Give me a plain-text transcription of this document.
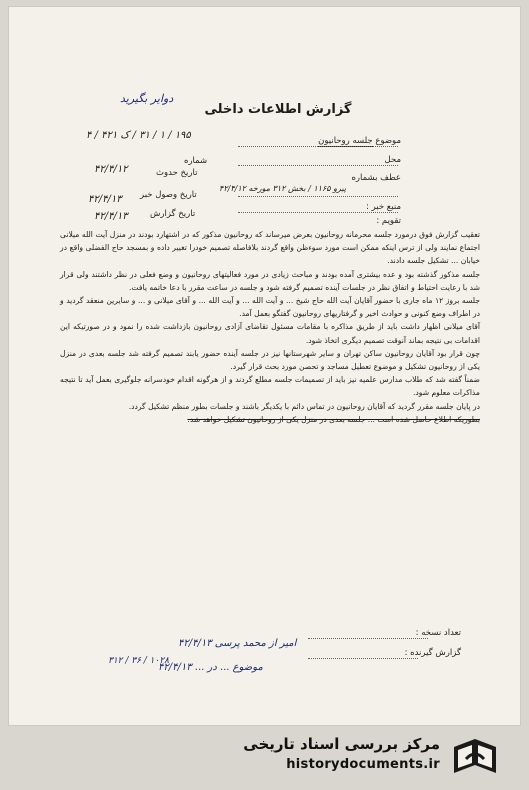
دوایر بگیرید
گزارش اطلاعات داخلی
موضوع جلسه روحانیون
محل
عطف بشماره
پیرو ۱۱۶۵ / بخش ۳۱۲ مورخه ۴۲/۴/۱۲
منبع خبر :
تقویم :
شماره
۱۹۵ / ۱ / ۳۱ / ک ۴۲۱ / ۴
تاریخ حدوث
۴۲/۴/۱۲
تاریخ وصول خبر
۴۲/۴/۱۳
تاریخ گزارش
۴۲/۴/۱۳

تعقیب گزارش فوق درمورد جلسه محرمانه روحانیون بعرض میرساند که روحانیون مذکور که در اشتهارد بودند در منزل آیت الله میلانی اجتماع نمایند ولی از ترس اینکه ممکن است مورد سوءظن واقع گردند بلافاصله تصمیم خودرا تغییر داده و بمسجد حاج الفضلی واقع در خیابان ... تشکیل جلسه دادند.

جلسه مذکور گذشته بود و عده بیشتری آمده بودند و مباحث زیادی در مورد فعالیتهای روحانیون و وضع فعلی در نظر داشتند ولی قرار شد با رعایت احتیاط و اتفاق نظر در جلسات آینده تصمیم گرفته شود و جلسه در ساعت مقرر با دعا خاتمه یافت.

جلسه بروز ۱۲ ماه جاری با حضور آقایان آیت الله حاج شیخ ... و آیت الله ... و آیت الله ... و آقای میلانی و ... و سایرین منعقد گردید و در اطراف وضع کنونی و حوادث اخیر و گرفتاریهای روحانیون گفتگو بعمل آمد.

آقای میلانی اظهار داشت باید از طریق مذاکره با مقامات مسئول تقاضای آزادی روحانیون بازداشت شده را نمود و در صورتیکه این اقدامات بی نتیجه بماند آنوقت تصمیم دیگری اتخاذ شود.

چون قرار بود آقایان روحانیون ساکن تهران و سایر شهرستانها نیز در جلسه آینده حضور یابند تصمیم گرفته شد جلسه بعدی در منزل یکی از روحانیون تشکیل و موضوع تعطیل مساجد و تحصن مورد بحث قرار گیرد.

ضمناً گفته شد که طلاب مدارس علمیه نیز باید از تصمیمات جلسه مطلع گردند و از هرگونه اقدام خودسرانه جلوگیری بعمل آید تا نتیجه مذاکرات معلوم شود.

در پایان جلسه مقرر گردید که آقایان روحانیون در تماس دائم با یکدیگر باشند و جلسات بطور منظم تشکیل گردد.

بطوریکه اطلاع حاصل شده است ... جلسه بعدی در منزل یکی از روحانیون تشکیل خواهد شد.

تعداد نسخه :
گزارش گیرنده :
امیر از محمد پرسی ۴۲/۴/۱۳
موضوع ... در ... ۴۲/۴/۱۳
۳۱۲ / ۳۶ / ۱۰۲۸
مرکز بررسی اسناد تاریخی
historydocuments.ir
